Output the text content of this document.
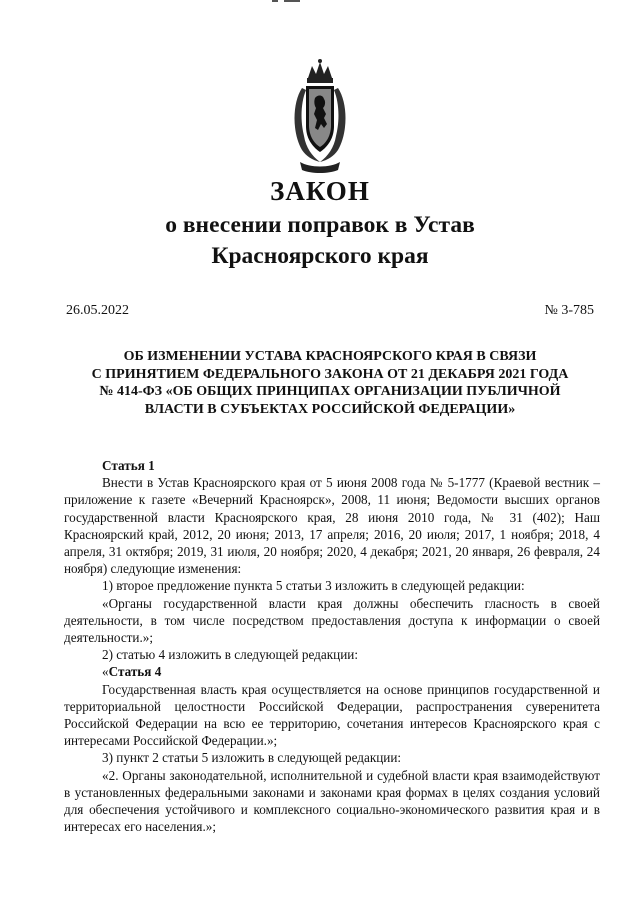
ЗАКОН
о внесении поправок в Устав
Красноярского края
26.05.2022	№ 3-785
ОБ ИЗМЕНЕНИИ УСТАВА КРАСНОЯРСКОГО КРАЯ В СВЯЗИ
С ПРИНЯТИЕМ ФЕДЕРАЛЬНОГО ЗАКОНА ОТ 21 ДЕКАБРЯ 2021 ГОДА
№ 414-ФЗ «ОБ ОБЩИХ ПРИНЦИПАХ ОРГАНИЗАЦИИ ПУБЛИЧНОЙ
ВЛАСТИ В СУБЪЕКТАХ РОССИЙСКОЙ ФЕДЕРАЦИИ»

Статья 1

Внести в Устав Красноярского края от 5 июня 2008 года № 5-1777 (Краевой вестник – приложение к газете «Вечерний Красноярск», 2008, 11 июня; Ведомости высших органов государственной власти Красноярского края, 28 июня 2010 года, № 31 (402); Наш Красноярский край, 2012, 20 июня; 2013, 17 апреля; 2016, 20 июля; 2017, 1 ноября; 2018, 4 апреля, 31 октября; 2019, 31 июля, 20 ноября; 2020, 4 декабря; 2021, 20 января, 26 февраля, 24 ноября) следующие изменения:

1) второе предложение пункта 5 статьи 3 изложить в следующей редакции:

«Органы государственной власти края должны обеспечить гласность в своей деятельности, в том числе посредством предоставления доступа к информации о своей деятельности.»;

2) статью 4 изложить в следующей редакции:

«Статья 4

Государственная власть края осуществляется на основе принципов государственной и территориальной целостности Российской Федерации, распространения суверенитета Российской Федерации на всю ее территорию, сочетания интересов Красноярского края с интересами Российской Федерации.»;

3) пункт 2 статьи 5 изложить в следующей редакции:

«2. Органы законодательной, исполнительной и судебной власти края взаимодействуют в установленных федеральными законами и законами края формах в целях создания условий для обеспечения устойчивого и комплексного социально-экономического развития края и в интересах его населения.»;
